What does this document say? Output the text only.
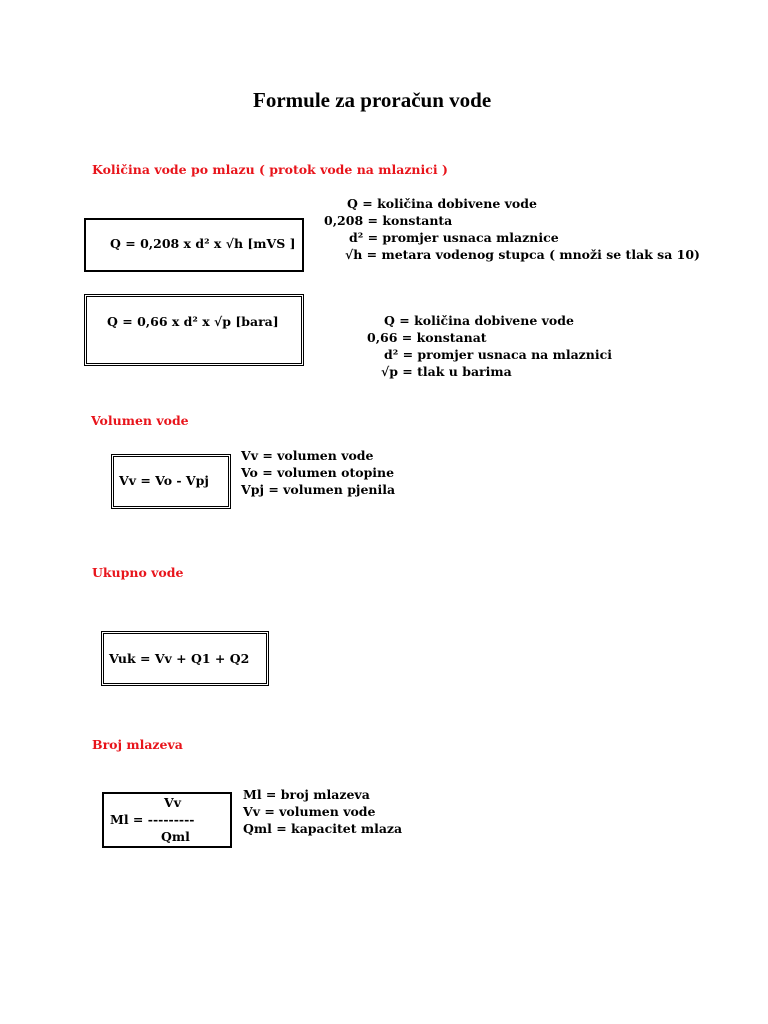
Formule za proračun vode
Količina vode po mlazu ( protok vode na mlaznici )
Q = 0,208 x d² x √h [mVS ]
Q = količina dobivene vode
0,208 = konstanta
d² = promjer usnaca mlaznice
√h = metara vodenog stupca ( množi se tlak sa 10)
Q = 0,66 x d² x √p [bara]	Q = količina dobivene vode
0,66 = konstanat
d² = promjer usnaca na mlaznici
√p = tlak u barima
Volumen vode
Vv = Vo - Vpj
Vv = volumen vode
Vo = volumen otopine
Vpj = volumen pjenila
Ukupno vode
Vuk = Vv + Q1 + Q2
Broj mlazeva
Vv
Ml = ---------
Qml
Ml = broj mlazeva
Vv = volumen vode
Qml = kapacitet mlaza
